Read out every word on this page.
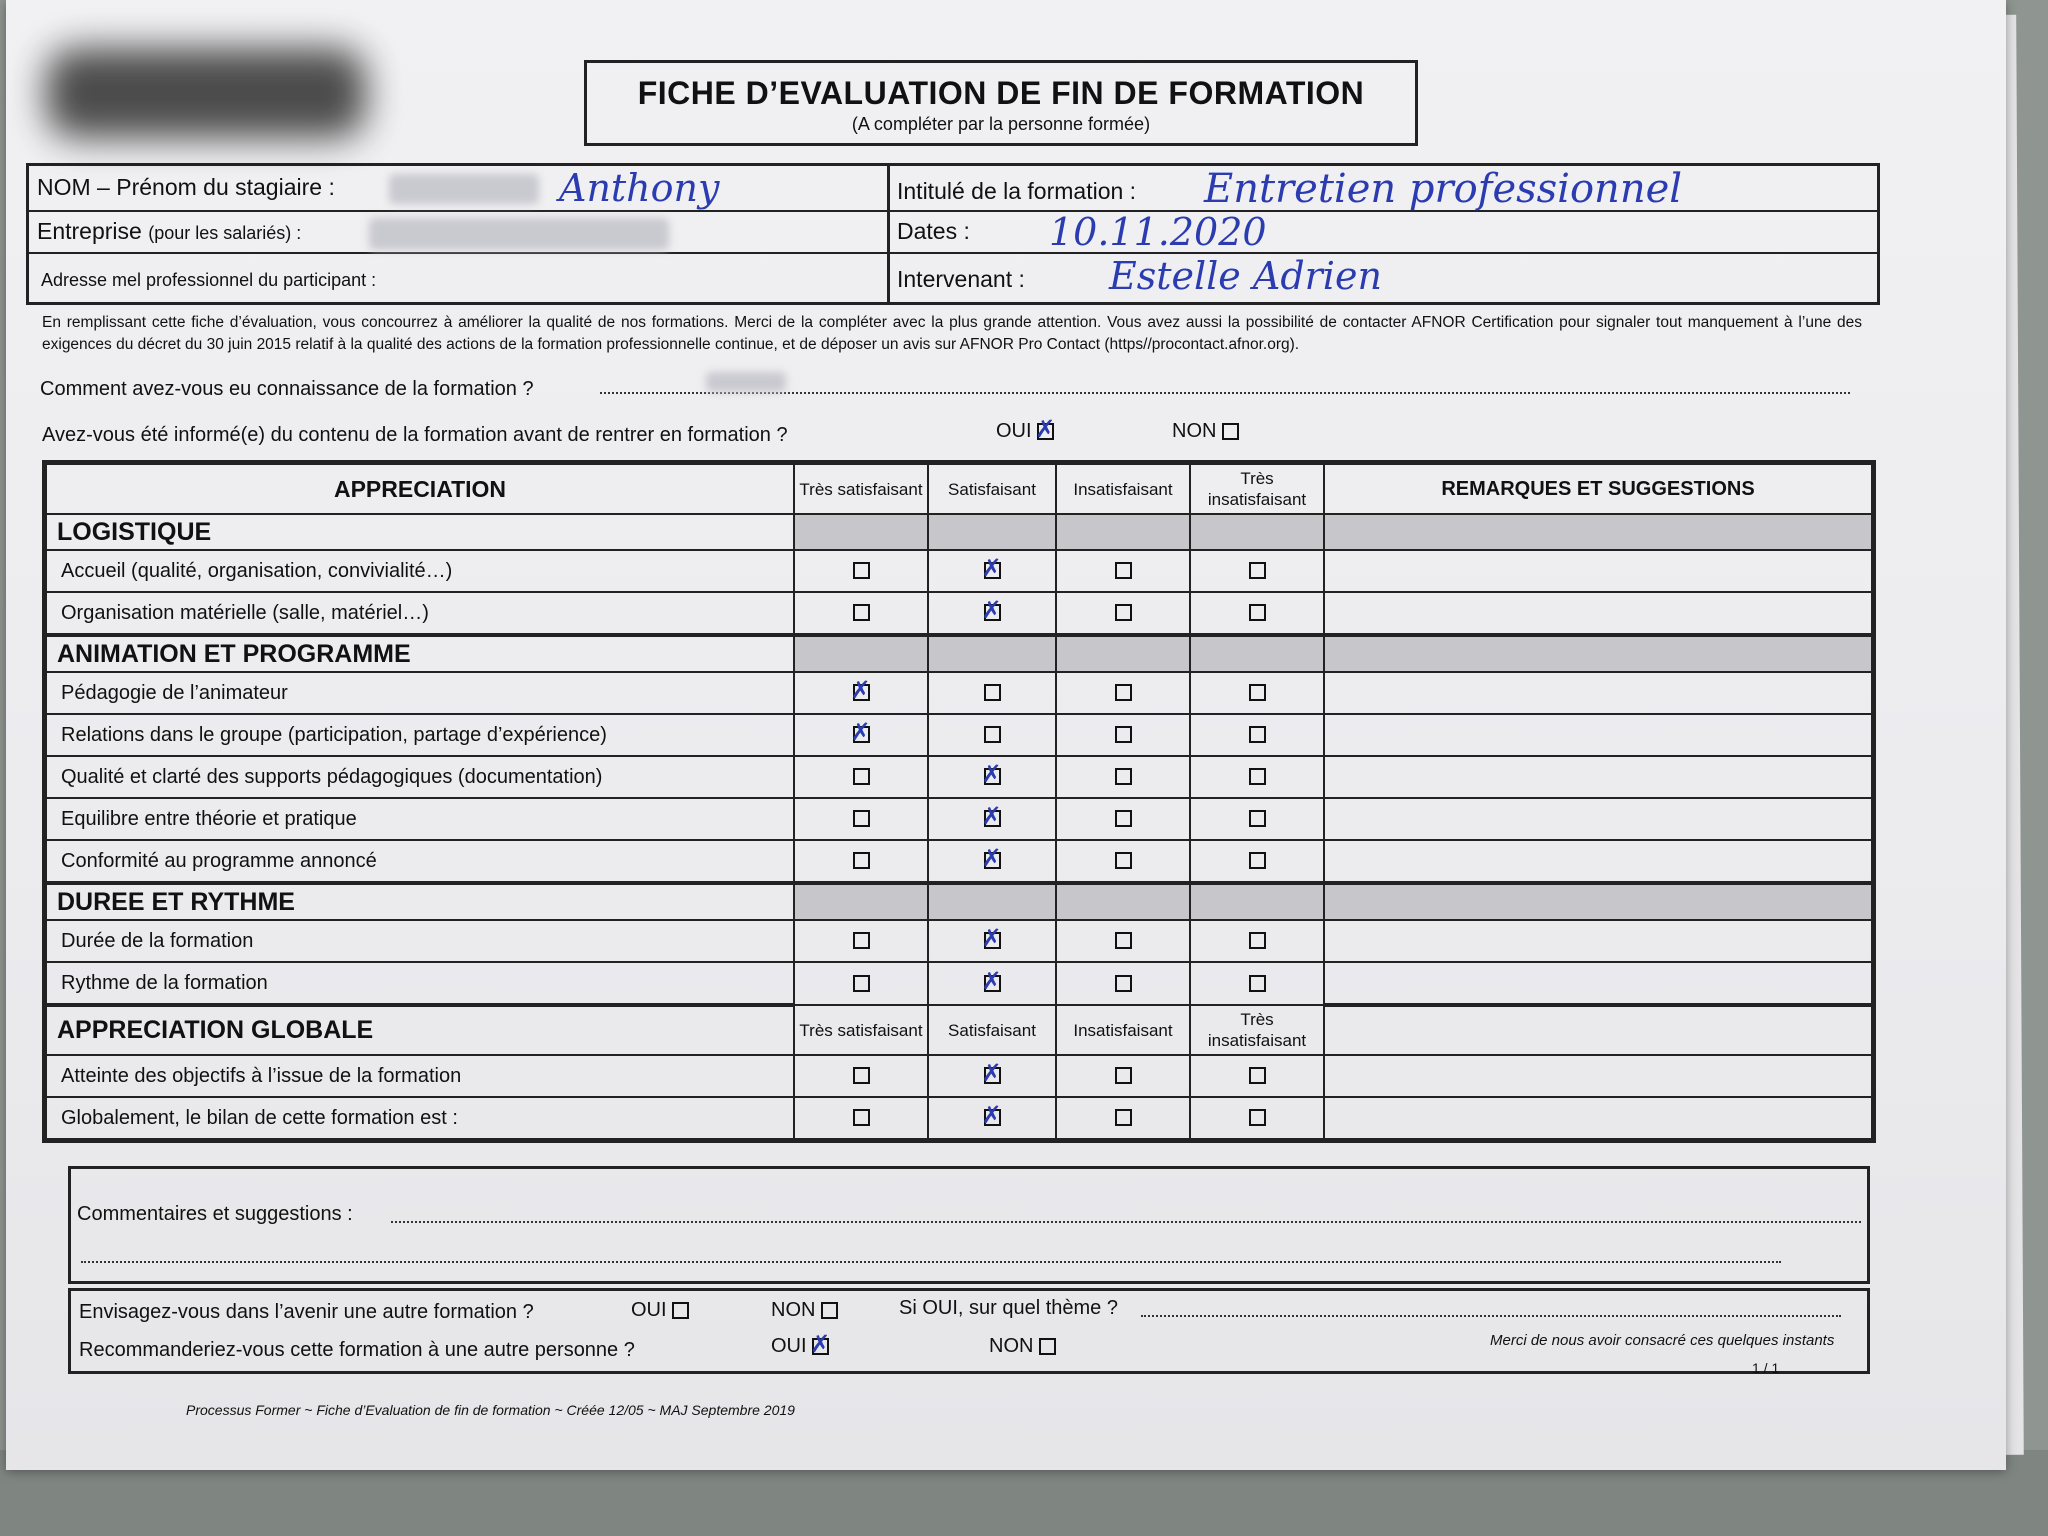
FICHE D’EVALUATION DE FIN DE FORMATION
(A compléter par la personne formée)
NOM – Prénom du stagiaire :	Anthony
Entreprise (pour les salariés) :
Adresse mel professionnel du participant :
Intitulé de la formation : Entretien professionnel
Dates : 10.11.2020
Intervenant : Estelle Adrien
En remplissant cette fiche d’évaluation, vous concourrez à améliorer la qualité de nos formations. Merci de la compléter avec la plus grande attention. Vous avez aussi la possibilité de contacter AFNOR Certification pour signaler tout manquement à l’une des exigences du décret du 30 juin 2015 relatif à la qualité des actions de la formation professionnelle continue, et de déposer un avis sur AFNOR Pro Contact (https//procontact.afnor.org).
Comment avez-vous eu connaissance de la formation ?
Avez-vous été informé(e) du contenu de la formation avant de rentrer en formation ?	OUI ✗	NON
APPRECIATION	Très satisfaisant	Satisfaisant	Insatisfaisant	Très insatisfaisant	REMARQUES ET SUGGESTIONS
LOGISTIQUE					
Accueil (qualité, organisation, convivialité…)		✗			
Organisation matérielle (salle, matériel…)		✗			
ANIMATION ET PROGRAMME					
Pédagogie de l’animateur	✗				
Relations dans le groupe (participation, partage d’expérience)	✗				
Qualité et clarté des supports pédagogiques (documentation)		✗			
Equilibre entre théorie et pratique		✗			
Conformité au programme annoncé		✗			
DUREE ET RYTHME					
Durée de la formation		✗			
Rythme de la formation		✗			
APPRECIATION GLOBALE	Très satisfaisant	Satisfaisant	Insatisfaisant	Très insatisfaisant	
Atteinte des objectifs à l’issue de la formation		✗			
Globalement, le bilan de cette formation est :		✗			
Commentaires et suggestions :
Envisagez-vous dans l’avenir une autre formation ?	OUI	NON	Si OUI, sur quel thème ?
Recommanderiez-vous cette formation à une autre personne ?	OUI ✗	NON	Merci de nous avoir consacré ces quelques instants
1 / 1
Processus Former ~ Fiche d’Evaluation de fin de formation ~ Créée 12/05 ~ MAJ Septembre 2019
